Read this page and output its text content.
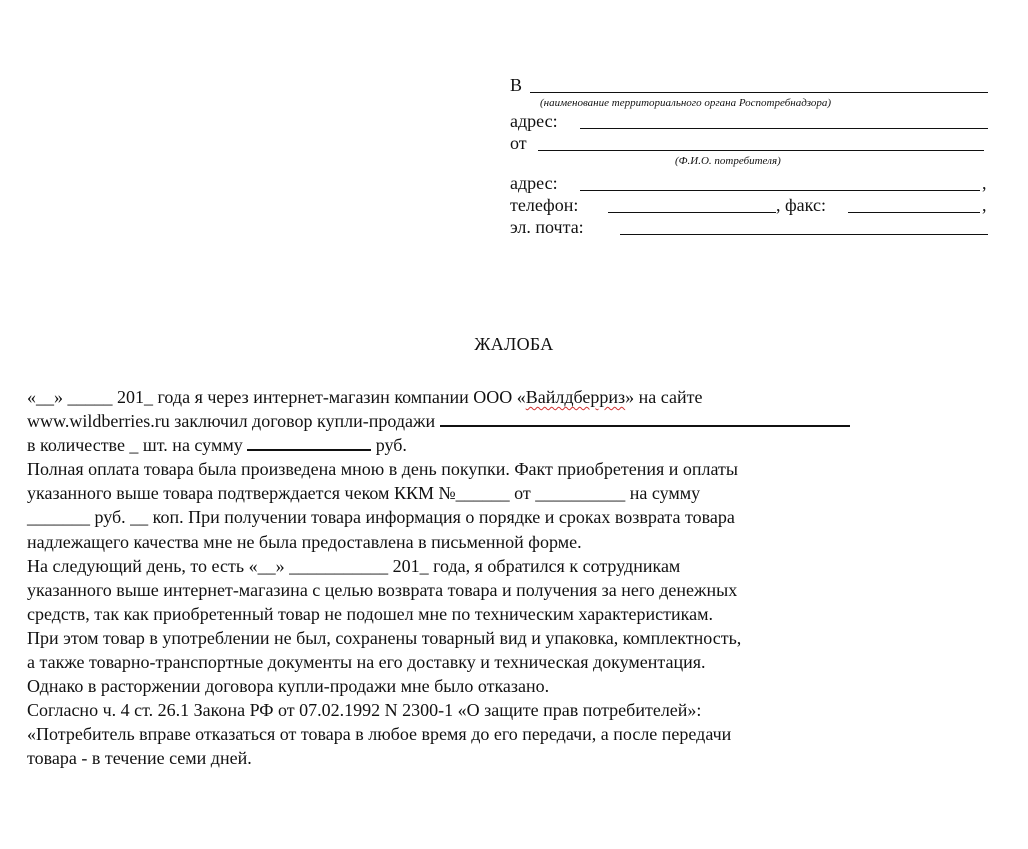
В
(наименование территориального органа Роспотребнадзора)
адрес:
от
(Ф.И.О. потребителя)
адрес:	,
телефон:	, факс:	,
эл. почта:
ЖАЛОБА
«__» _____ 201_ года я через интернет-магазин компании ООО «Вайлдберриз» на сайте
www.wildberries.ru заключил договор купли-продажи
в количестве _ шт. на сумму	руб.
Полная оплата товара была произведена мною в день покупки. Факт приобретения и оплаты
указанного выше товара подтверждается чеком ККМ №______ от __________ на сумму
_______ руб. __ коп. При получении товара информация о порядке и сроках возврата товара
надлежащего качества мне не была предоставлена в письменной форме.
На следующий день, то есть «__» ___________ 201_ года, я обратился к сотрудникам
указанного выше интернет-магазина с целью возврата товара и получения за него денежных
средств, так как приобретенный товар не подошел мне по техническим характеристикам.
При этом товар в употреблении не был, сохранены товарный вид и упаковка, комплектность,
а также товарно-транспортные документы на его доставку и техническая документация.
Однако в расторжении договора купли-продажи мне было отказано.
Согласно ч. 4 ст. 26.1 Закона РФ от 07.02.1992 N 2300-1 «О защите прав потребителей»:
«Потребитель вправе отказаться от товара в любое время до его передачи, а после передачи
товара - в течение семи дней.
